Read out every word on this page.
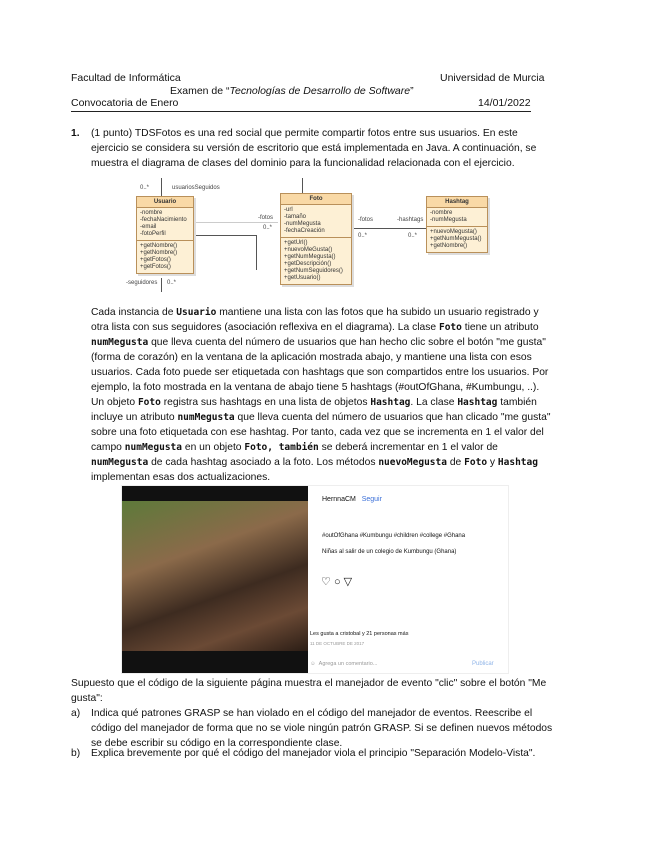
Facultad de Informática	Universidad de Murcia
Examen de “Tecnologías de Desarrollo de Software”
Convocatoria de Enero	14/01/2022
1. (1 punto) TDSFotos es una red social que permite compartir fotos entre sus usuarios. En este ejercicio se considera su versión de escritorio que está implementada en Java. A continuación, se muestra el diagrama de clases del dominio para la funcionalidad relacionada con el ejercicio.
0..*	usuariosSeguidos
-fotos
0..*
-fotos
0..*
-hashtags
0..*
-seguidores 0..*
Usuario
-nombre
-fechaNacimiento
-email
-fotoPerfil
+getNombre()
+getNombre()
+getFotos()
+getFotos()
Foto
-url
-tamaño
-numMegusta
-fechaCreación
+getUrl()
+nuevoMeGusta()
+getNumMegusta()
+getDescripción()
+getNumSeguidores()
+getUsuario()
Hashtag
-nombre
-numMegusta
+nuevoMegusta()
+getNumMegusta()
+getNombre()
Cada instancia de Usuario mantiene una lista con las fotos que ha subido un usuario registrado y otra lista con sus seguidores (asociación reflexiva en el diagrama). La clase Foto tiene un atributo numMegusta que lleva cuenta del número de usuarios que han hecho clic sobre el botón "me gusta" (forma de corazón) en la ventana de la aplicación mostrada abajo, y mantiene una lista con esos usuarios. Cada foto puede ser etiquetada con hashtags que son compartidos entre los usuarios. Por ejemplo, la foto mostrada en la ventana de abajo tiene 5 hashtags (#outOfGhana, #Kumbungu, ..). Un objeto Foto registra sus hashtags en una lista de objetos Hashtag. La clase Hashtag también incluye un atributo numMegusta que lleva cuenta del número de usuarios que han clicado "me gusta" sobre una foto etiquetada con ese hashtag. Por tanto, cada vez que se incrementa en 1 el valor del campo numMegusta en un objeto Foto, también se deberá incrementar en 1 el valor de numMegusta de cada hashtag asociado a la foto. Los métodos nuevoMegusta de Foto y Hashtag implementan esas dos actualizaciones.
HernnaCM Seguir
#outOfGhana #Kumbungu #children #college #Ghana
Niñas al salir de un colegio de Kumbungu (Ghana)
♡ ○ ▽
Les gusta a cristobal y 21 personas más
11 DE OCTUBRE DE 2017
☺  Agrega un comentario...	Publicar
Supuesto que el código de la siguiente página muestra el manejador de evento "clic" sobre el botón "Me gusta":
a) Indica qué patrones GRASP se han violado en el código del manejador de eventos. Reescribe el código del manejador de forma que no se viole ningún patrón GRASP. Si se definen nuevos métodos se debe escribir su código en la correspondiente clase.
b) Explica brevemente por qué el código del manejador viola el principio "Separación Modelo-Vista".
